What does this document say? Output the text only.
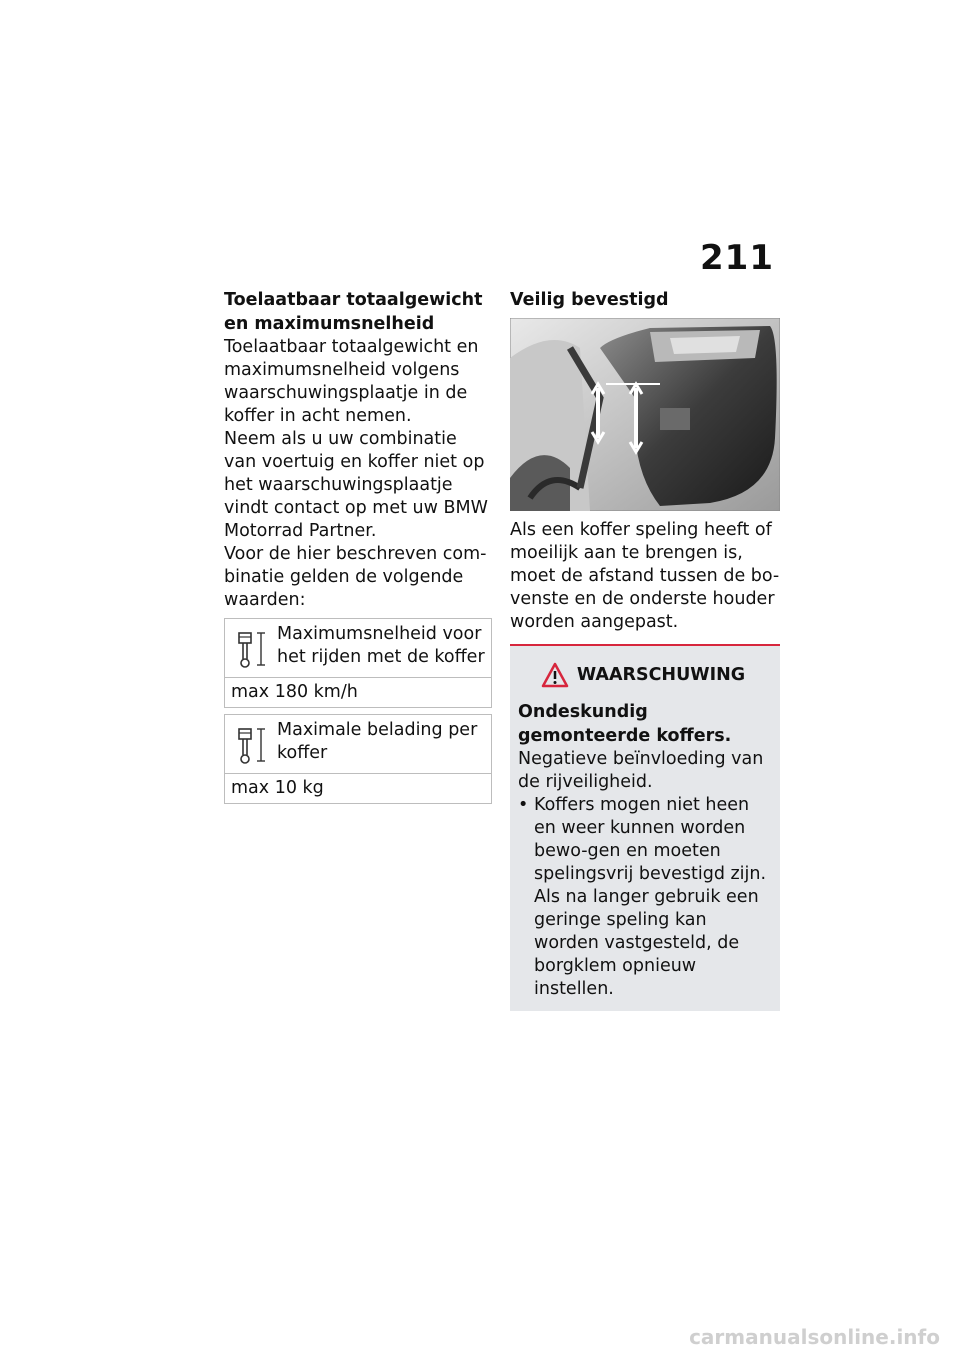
211
Toelaatbaar totaalgewicht en maximumsnelheid

Toelaatbaar totaalgewicht en maximumsnelheid volgens waarschuwingsplaatje in de koffer in acht nemen.

Neem als u uw combinatie van voertuig en koffer niet op het waarschuwingsplaatje vindt contact op met uw BMW Motorrad Partner.

Voor de hier beschreven com-binatie gelden de volgende waarden:

Maximumsnelheid voor het rijden met de koffer
max 180 km/h
Maximale belading per koffer
max 10 kg
Veilig bevestigd

Als een koffer speling heeft of moeilijk aan te brengen is, moet de afstand tussen de bo-venste en de onderste houder worden aangepast.

WAARSCHUWING

Ondeskundig gemonteerde koffers.

Negatieve beïnvloeding van de rijveiligheid.

• Koffers mogen niet heen en weer kunnen worden bewo-gen en moeten spelingsvrij bevestigd zijn. Als na langer gebruik een geringe speling kan worden vastgesteld, de borgklem opnieuw instellen.
carmanualsonline.info
